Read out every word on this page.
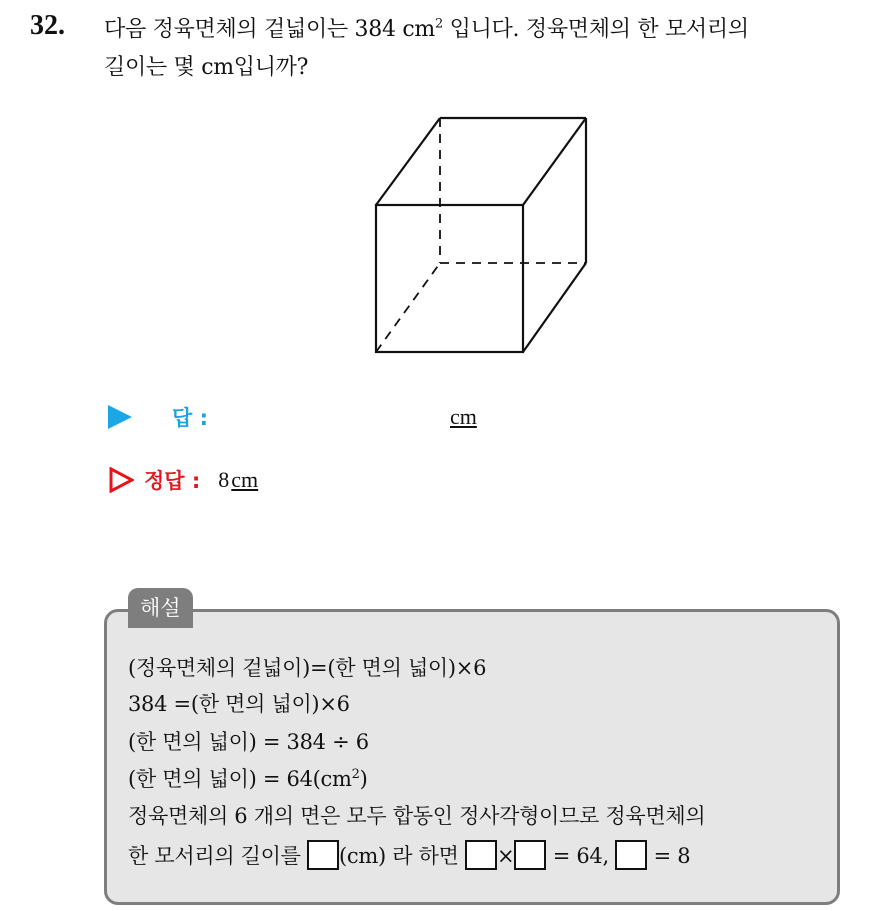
32. 다음 정육면체의 겉넓이는 384 $cm^2$ 입니다. 정육면체의 한 모서리의
길이는 몇 cm입니까?
답 :	cm
정답 : 8 cm
해설
(정육면체의 겉넓이)=(한 면의 넓이)×6
384 =(한 면의 넓이)×6
(한 면의 넓이) = 384 ÷ 6
(한 면의 넓이) = $64(cm^2)$
정육면체의 6 개의 면은 모두 합동인 정사각형이므로 정육면체의
한 모서리의 길이를 (cm) 라 하면 × = 64, = 8
